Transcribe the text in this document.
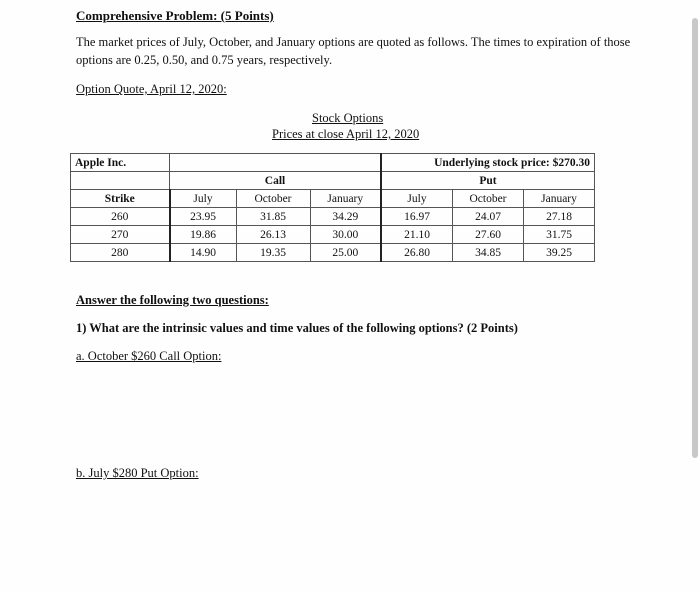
Comprehensive Problem: (5 Points)
The market prices of July, October, and January options are quoted as follows. The times to expiration of those options are 0.25, 0.50, and 0.75 years, respectively.
Option Quote, April 12, 2020:
Stock Options
Prices at close April 12, 2020
Apple Inc.				Underlying stock price: $270.30		
	Call			Put		
Strike	July	October	January	July	October	January
260	23.95	31.85	34.29	16.97	24.07	27.18
270	19.86	26.13	30.00	21.10	27.60	31.75
280	14.90	19.35	25.00	26.80	34.85	39.25
Answer the following two questions:
1) What are the intrinsic values and time values of the following options? (2 Points)
a. October $260 Call Option:
b. July $280 Put Option:
